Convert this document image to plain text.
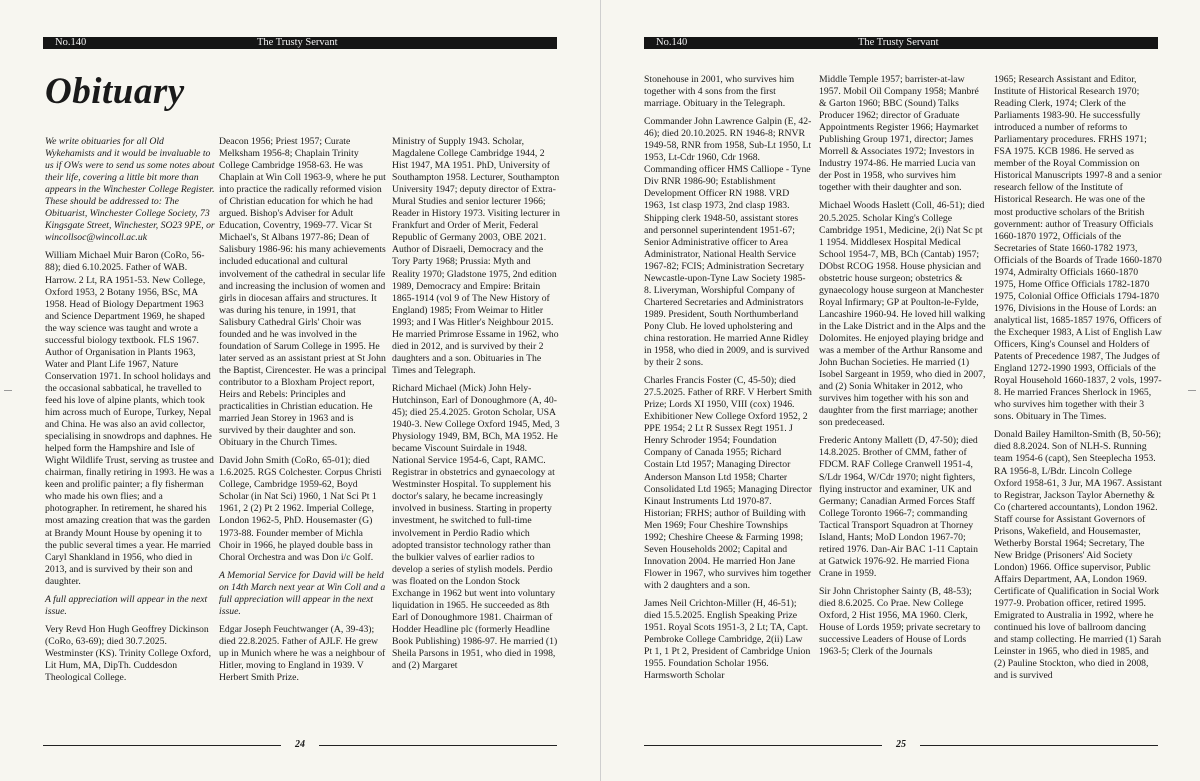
No.140	The Trusty Servant
Obituary

We write obituaries for all Old Wykehamists and it would be invaluable to us if OWs were to send us some notes about their life, covering a little bit more than appears in the Winchester College Register. These should be addressed to: The Obituarist, Winchester College Society, 73 Kingsgate Street, Winchester, SO23 9PE, or wincollsoc@wincoll.ac.uk

William Michael Muir Baron (CoRo, 56-88); died 6.10.2025. Father of WAB. Harrow. 2 Lt, RA 1951-53. New College, Oxford 1953, 2 Botany 1956, BSc, MA 1958. Head of Biology Department 1963 and Science Department 1969, he shaped the way science was taught and wrote a successful biology textbook. FLS 1967. Author of Organisation in Plants 1963, Water and Plant Life 1967, Nature Conservation 1971. In school holidays and the occasional sabbatical, he travelled to feed his love of alpine plants, which took him across much of Europe, Turkey, Nepal and China. He was also an avid collector, specialising in snowdrops and daphnes. He helped form the Hampshire and Isle of Wight Wildlife Trust, serving as trustee and chairman, finally retiring in 1993. He was a keen and prolific painter; a fly fisherman who made his own flies; and a photographer. In retirement, he shared his most amazing creation that was the garden at Brandy Mount House by opening it to the public several times a year. He married Caryl Shankland in 1956, who died in 2013, and is survived by their son and daughter.

A full appreciation will appear in the next issue.

Very Revd Hon Hugh Geoffrey Dickinson (CoRo, 63-69); died 30.7.2025. Westminster (KS). Trinity College Oxford, Lit Hum, MA, DipTh. Cuddesdon Theological College.

Deacon 1956; Priest 1957; Curate Melksham 1956-8; Chaplain Trinity College Cambridge 1958-63. He was Chaplain at Win Coll 1963-9, where he put into practice the radically reformed vision of Christian education for which he had argued. Bishop's Adviser for Adult Education, Coventry, 1969-77. Vicar St Michael's, St Albans 1977-86; Dean of Salisbury 1986-96: his many achievements included educational and cultural involvement of the cathedral in secular life and increasing the inclusion of women and girls in diocesan affairs and structures. It was during his tenure, in 1991, that Salisbury Cathedral Girls' Choir was founded and he was involved in the foundation of Sarum College in 1995. He later served as an assistant priest at St John the Baptist, Cirencester. He was a principal contributor to a Bloxham Project report, Heirs and Rebels: Principles and practicalities in Christian education. He married Jean Storey in 1963 and is survived by their daughter and son. Obituary in the Church Times.

David John Smith (CoRo, 65-01); died 1.6.2025. RGS Colchester. Corpus Christi College, Cambridge 1959-62, Boyd Scholar (in Nat Sci) 1960, 1 Nat Sci Pt 1 1961, 2 (2) Pt 2 1962. Imperial College, London 1962-5, PhD. Housemaster (G) 1973-88. Founder member of Michla Choir in 1966, he played double bass in Choral Orchestra and was Don i/c Golf.

A Memorial Service for David will be held on 14th March next year at Win Coll and a full appreciation will appear in the next issue.

Edgar Joseph Feuchtwanger (A, 39-43); died 22.8.2025. Father of AJLF. He grew up in Munich where he was a neighbour of Hitler, moving to England in 1939. V Herbert Smith Prize.

Ministry of Supply 1943. Scholar, Magdalene College Cambridge 1944, 2 Hist 1947, MA 1951. PhD, University of Southampton 1958. Lecturer, Southampton University 1947; deputy director of Extra-Mural Studies and senior lecturer 1966; Reader in History 1973. Visiting lecturer in Frankfurt and Order of Merit, Federal Republic of Germany 2003, OBE 2021. Author of Disraeli, Democracy and the Tory Party 1968; Prussia: Myth and Reality 1970; Gladstone 1975, 2nd edition 1989, Democracy and Empire: Britain 1865-1914 (vol 9 of The New History of England) 1985; From Weimar to Hitler 1993; and I Was Hitler's Neighbour 2015. He married Primrose Essame in 1962, who died in 2012, and is survived by their 2 daughters and a son. Obituaries in The Times and Telegraph.

Richard Michael (Mick) John Hely-Hutchinson, Earl of Donoughmore (A, 40-45); died 25.4.2025. Groton Scholar, USA 1940-3. New College Oxford 1945, Med, 3 Physiology 1949, BM, BCh, MA 1952. He became Viscount Suirdale in 1948. National Service 1954-6, Capt, RAMC. Registrar in obstetrics and gynaecology at Westminster Hospital. To supplement his doctor's salary, he became increasingly involved in business. Starting in property investment, he switched to full-time involvement in Perdio Radio which adopted transistor technology rather than the bulkier valves of earlier radios to develop a series of stylish models. Perdio was floated on the London Stock Exchange in 1962 but went into voluntary liquidation in 1965. He succeeded as 8th Earl of Donoughmore 1981. Chairman of Hodder Headline plc (formerly Headline Book Publishing) 1986-97. He married (1) Sheila Parsons in 1951, who died in 1998, and (2) Margaret

24
No.140	The Trusty Servant

Stonehouse in 2001, who survives him together with 4 sons from the first marriage. Obituary in the Telegraph.

Commander John Lawrence Galpin (E, 42-46); died 20.10.2025. RN 1946-8; RNVR 1949-58, RNR from 1958, Sub-Lt 1950, Lt 1953, Lt-Cdr 1960, Cdr 1968. Commanding officer HMS Calliope - Tyne Div RNR 1986-90; Establishment Development Officer RN 1988. VRD 1963, 1st clasp 1973, 2nd clasp 1983. Shipping clerk 1948-50, assistant stores and personnel superintendent 1951-67; Senior Administrative officer to Area Administrator, National Health Service 1967-82; FCIS; Administration Secretary Newcastle-upon-Tyne Law Society 1985-8. Liveryman, Worshipful Company of Chartered Secretaries and Administrators 1989. President, South Northumberland Pony Club. He loved upholstering and china restoration. He married Anne Ridley in 1958, who died in 2009, and is survived by their 2 sons.

Charles Francis Foster (C, 45-50); died 27.5.2025. Father of RRF. V Herbert Smith Prize; Lords XI 1950, VIII (cox) 1946. Exhibitioner New College Oxford 1952, 2 PPE 1954; 2 Lt R Sussex Regt 1951. J Henry Schroder 1954; Foundation Company of Canada 1955; Richard Costain Ltd 1957; Managing Director Anderson Manson Ltd 1958; Charter Consolidated Ltd 1965; Managing Director Kinaut Instruments Ltd 1970-87. Historian; FRHS; author of Building with Men 1969; Four Cheshire Townships 1992; Cheshire Cheese & Farming 1998; Seven Households 2002; Capital and Innovation 2004. He married Hon Jane Flower in 1967, who survives him together with 2 daughters and a son.

James Neil Crichton-Miller (H, 46-51); died 15.5.2025. English Speaking Prize 1951. Royal Scots 1951-3, 2 Lt; TA, Capt. Pembroke College Cambridge, 2(ii) Law Pt 1, 1 Pt 2, President of Cambridge Union 1955. Foundation Scholar 1956. Harmsworth Scholar

Middle Temple 1957; barrister-at-law 1957. Mobil Oil Company 1958; Manbré & Garton 1960; BBC (Sound) Talks Producer 1962; director of Graduate Appointments Register 1966; Haymarket Publishing Group 1971, director; James Morrell & Associates 1972; Investors in Industry 1974-86. He married Lucia van der Post in 1958, who survives him together with their daughter and son.

Michael Woods Haslett (Coll, 46-51); died 20.5.2025. Scholar King's College Cambridge 1951, Medicine, 2(i) Nat Sc pt 1 1954. Middlesex Hospital Medical School 1954-7, MB, BCh (Cantab) 1957; DObst RCOG 1958. House physician and obstetric house surgeon; obstetrics & gynaecology house surgeon at Manchester Royal Infirmary; GP at Poulton-le-Fylde, Lancashire 1960-94. He loved hill walking in the Lake District and in the Alps and the Dolomites. He enjoyed playing bridge and was a member of the Arthur Ransome and John Buchan Societies. He married (1) Isobel Sargeant in 1959, who died in 2007, and (2) Sonia Whitaker in 2012, who survives him together with his son and daughter from the first marriage; another son predeceased.

Frederic Antony Mallett (D, 47-50); died 14.8.2025. Brother of CMM, father of FDCM. RAF College Cranwell 1951-4, S/Ldr 1964, W/Cdr 1970; night fighters, flying instructor and examiner, UK and Germany; Canadian Armed Forces Staff College Toronto 1966-7; commanding Tactical Transport Squadron at Thorney Island, Hants; MoD London 1967-70; retired 1976. Dan-Air BAC 1-11 Captain at Gatwick 1976-92. He married Fiona Crane in 1959.

Sir John Christopher Sainty (B, 48-53); died 8.6.2025. Co Prae. New College Oxford, 2 Hist 1956, MA 1960. Clerk, House of Lords 1959; private secretary to successive Leaders of House of Lords 1963-5; Clerk of the Journals

1965; Research Assistant and Editor, Institute of Historical Research 1970; Reading Clerk, 1974; Clerk of the Parliaments 1983-90. He successfully introduced a number of reforms to Parliamentary procedures. FRHS 1971; FSA 1975. KCB 1986. He served as member of the Royal Commission on Historical Manuscripts 1997-8 and a senior research fellow of the Institute of Historical Research. He was one of the most productive scholars of the British government: author of Treasury Officials 1660-1870 1972, Officials of the Secretaries of State 1660-1782 1973, Officials of the Boards of Trade 1660-1870 1974, Admiralty Officials 1660-1870 1975, Home Office Officials 1782-1870 1975, Colonial Office Officials 1794-1870 1976, Divisions in the House of Lords: an analytical list, 1685-1857 1976, Officers of the Exchequer 1983, A List of English Law Officers, King's Counsel and Holders of Patents of Precedence 1987, The Judges of England 1272-1990 1993, Officials of the Royal Household 1660-1837, 2 vols, 1997-8. He married Frances Sherlock in 1965, who survives him together with their 3 sons. Obituary in The Times.

Donald Bailey Hamilton-Smith (B, 50-56); died 8.8.2024. Son of NLH-S. Running team 1954-6 (capt), Sen Steeplecha 1953. RA 1956-8, L/Bdr. Lincoln College Oxford 1958-61, 3 Jur, MA 1967. Assistant to Registrar, Jackson Taylor Abernethy & Co (chartered accountants), London 1962. Staff course for Assistant Governors of Prisons, Wakefield, and Housemaster, Wetherby Borstal 1964; Secretary, The New Bridge (Prisoners' Aid Society London) 1966. Office supervisor, Public Affairs Department, AA, London 1969. Certificate of Qualification in Social Work 1977-9. Probation officer, retired 1995. Emigrated to Australia in 1992, where he continued his love of ballroom dancing and stamp collecting. He married (1) Sarah Leinster in 1965, who died in 1985, and (2) Pauline Stockton, who died in 2008, and is survived

25
